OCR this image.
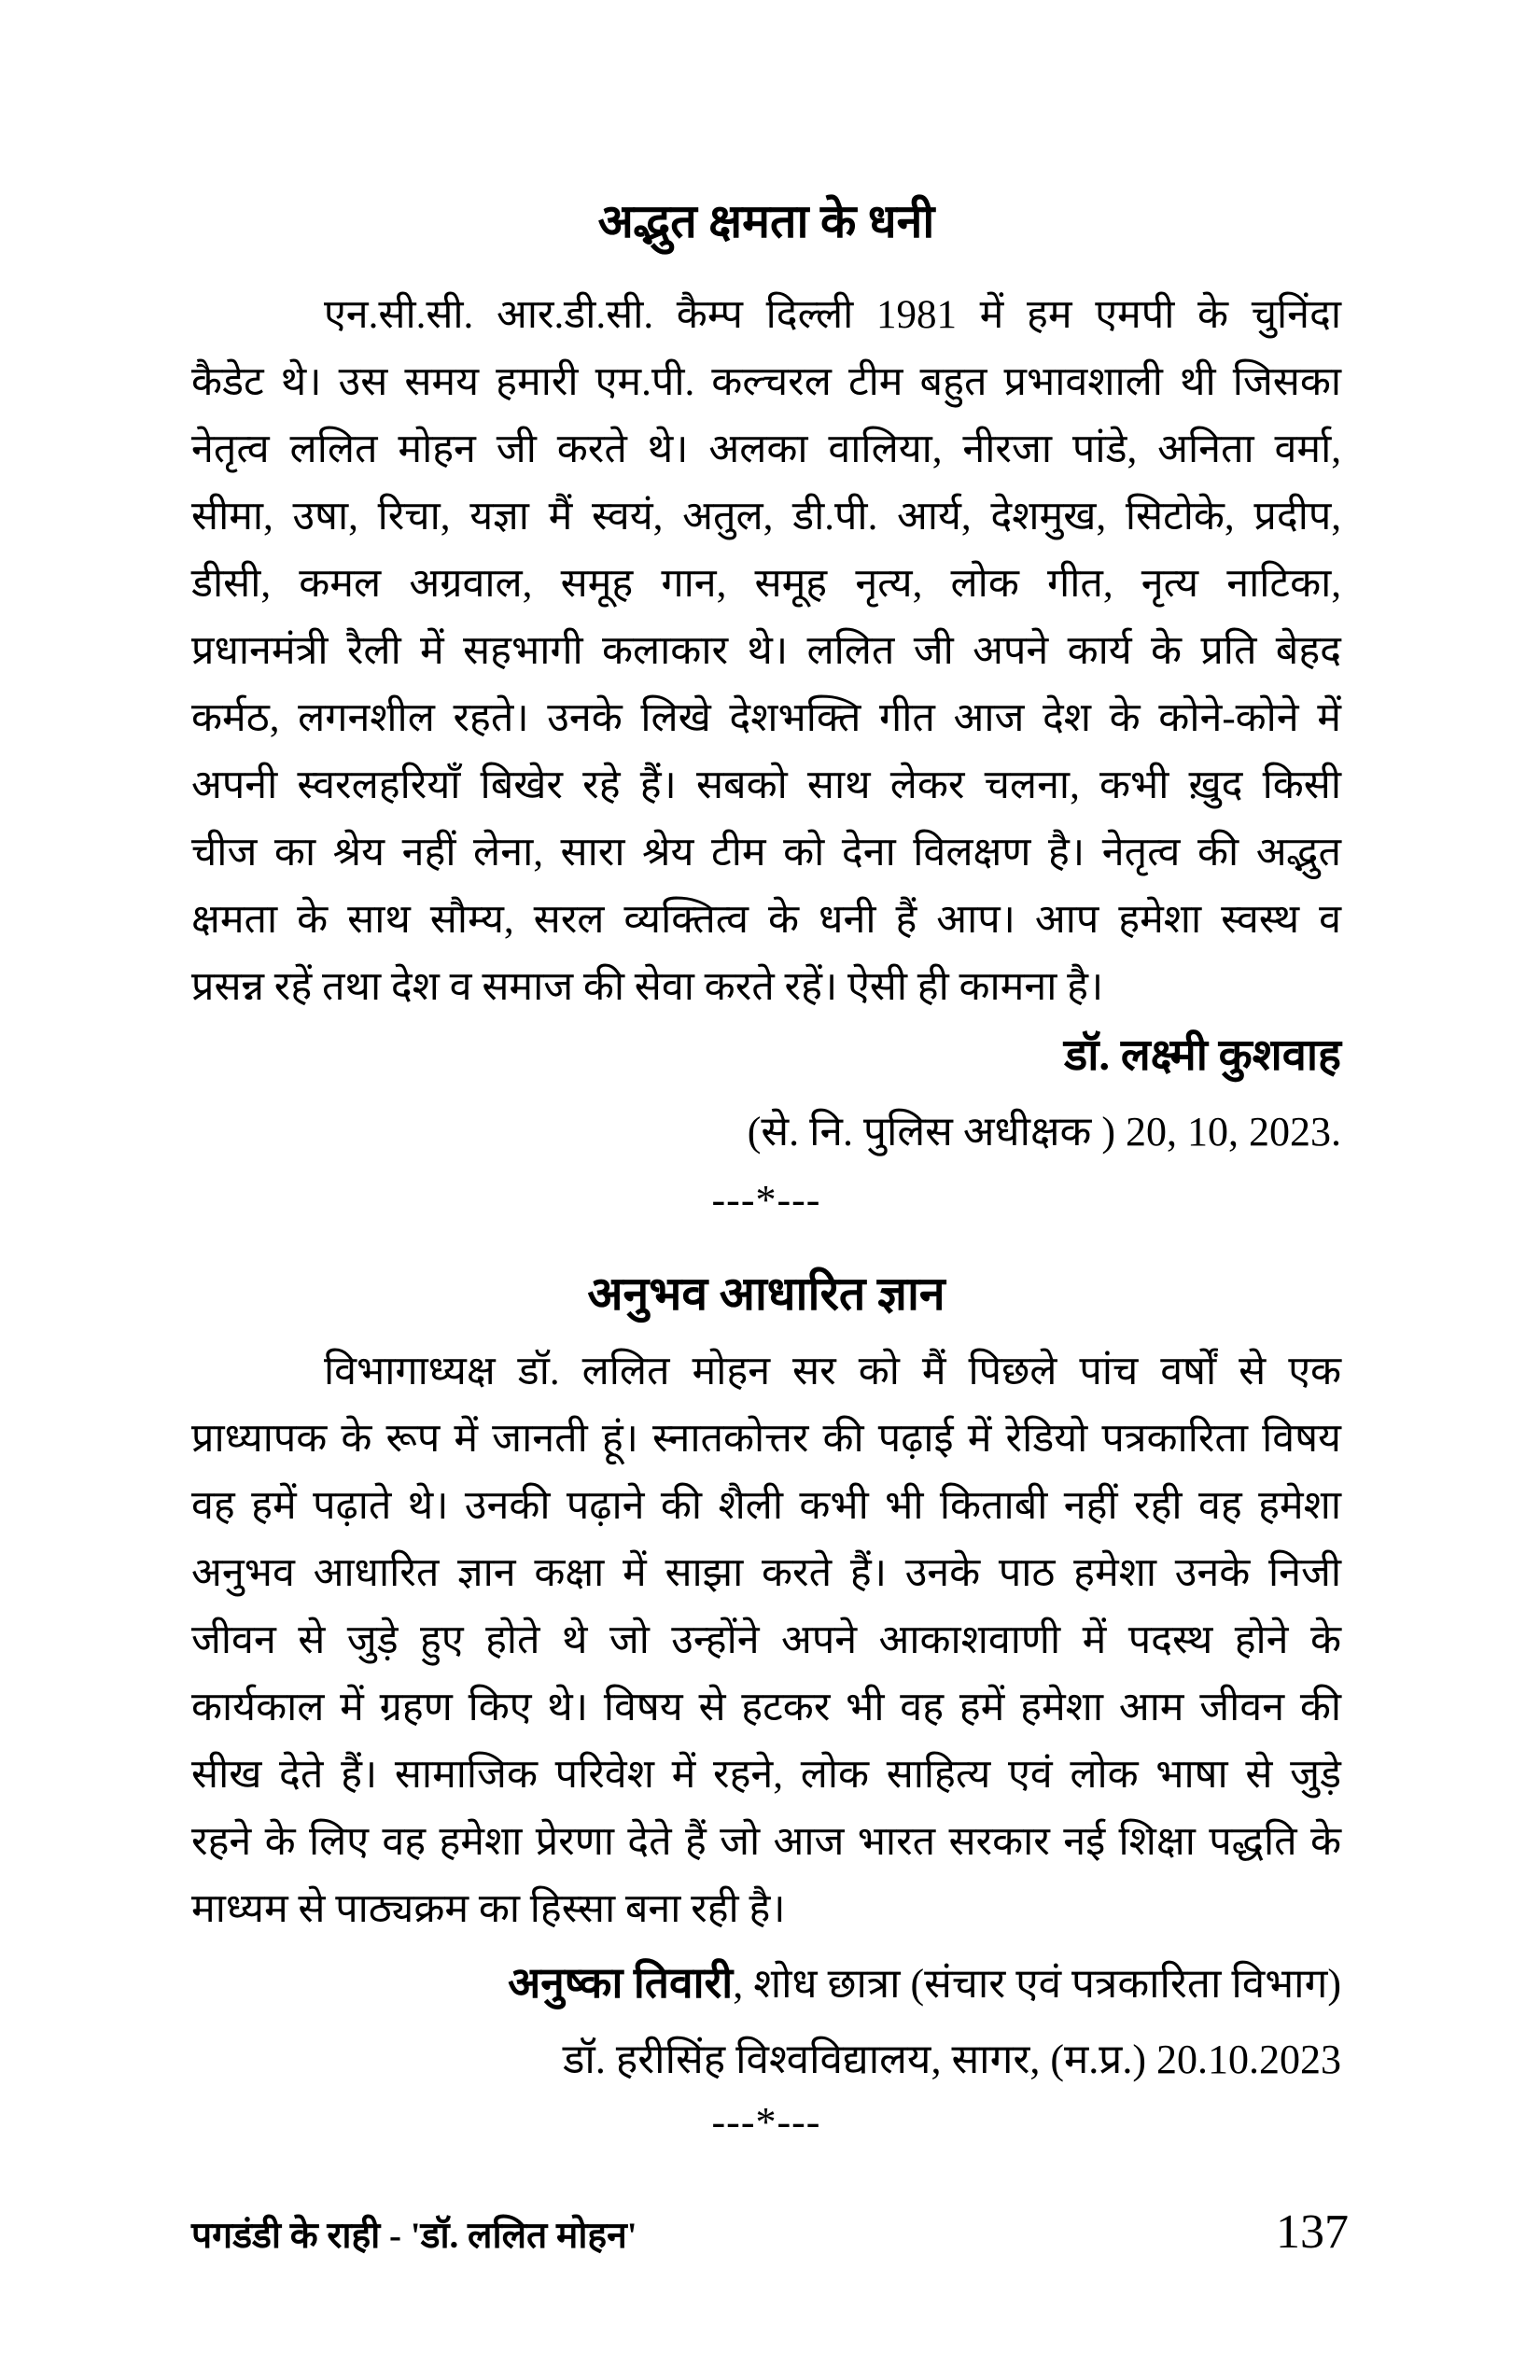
अद्भुत क्षमता के धनी
एन.सी.सी. आर.डी.सी. कैम्प दिल्ली 1981 में हम एमपी के चुनिंदा
कैडेट थे। उस समय हमारी एम.पी. कल्चरल टीम बहुत प्रभावशाली थी जिसका
नेतृत्व ललित मोहन जी करते थे। अलका वालिया, नीरजा पांडे, अनिता वर्मा,
सीमा, उषा, रिचा, यज्ञा मैं स्वयं, अतुल, डी.पी. आर्य, देशमुख, सिटोके, प्रदीप,
डीसी, कमल अग्रवाल, समूह गान, समूह नृत्य, लोक गीत, नृत्य नाटिका,
प्रधानमंत्री रैली में सहभागी कलाकार थे। ललित जी अपने कार्य के प्रति बेहद
कर्मठ, लगनशील रहते। उनके लिखे देशभक्ति गीत आज देश के कोने-कोने में
अपनी स्वरलहरियाँ बिखेर रहे हैं। सबको साथ लेकर चलना, कभी ख़ुद किसी
चीज का श्रेय नहीं लेना, सारा श्रेय टीम को देना विलक्षण है। नेतृत्व की अद्भुत
क्षमता के साथ सौम्य, सरल व्यक्तित्व के धनी हैं आप। आप हमेशा स्वस्थ व
प्रसन्न रहें तथा देश व समाज की सेवा करते रहें। ऐसी ही कामना है।
डॉ. लक्ष्मी कुशवाह
(से. नि. पुलिस अधीक्षक ) 20, 10, 2023.
---*---
अनुभव आधारित ज्ञान
विभागाध्यक्ष डॉ. ललित मोहन सर को मैं पिछले पांच वर्षों से एक
प्राध्यापक के रूप में जानती हूं। स्नातकोत्तर की पढ़ाई में रेडियो पत्रकारिता विषय
वह हमें पढ़ाते थे। उनकी पढ़ाने की शैली कभी भी किताबी नहीं रही वह हमेशा
अनुभव आधारित ज्ञान कक्षा में साझा करते हैं। उनके पाठ हमेशा उनके निजी
जीवन से जुड़े हुए होते थे जो उन्होंने अपने आकाशवाणी में पदस्थ होने के
कार्यकाल में ग्रहण किए थे। विषय से हटकर भी वह हमें हमेशा आम जीवन की
सीख देते हैं। सामाजिक परिवेश में रहने, लोक साहित्य एवं लोक भाषा से जुड़े
रहने के लिए वह हमेशा प्रेरणा देते हैं जो आज भारत सरकार नई शिक्षा पद्धति के
माध्यम से पाठ्यक्रम का हिस्सा बना रही है।
अनुष्का तिवारी, शोध छात्रा (संचार एवं पत्रकारिता विभाग)
डॉ. हरीसिंह विश्वविद्यालय, सागर, (म.प्र.) 20.10.2023
---*---
पगडंडी के राही - 'डॉ. ललित मोहन'	137
